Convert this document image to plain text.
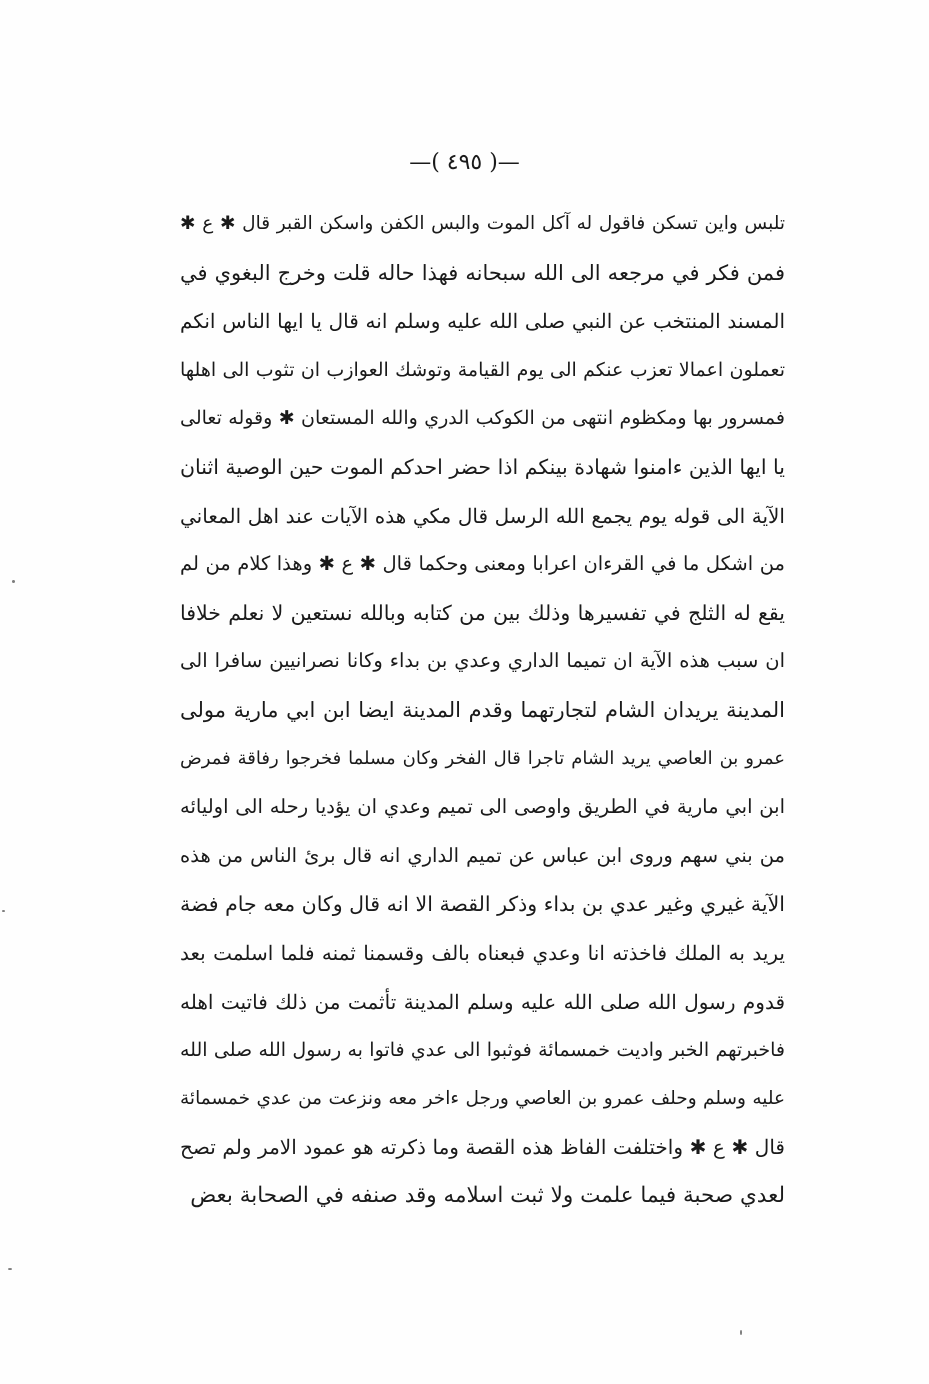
—( ٤٩٥ )—
تلبس واين تسكن فاقول له آكل الموت والبس الكفن واسكن القبر قال ✱ ع ✱
فمن فكر في مرجعه الى الله سبحانه فهذا حاله قلت وخرج البغوي في
المسند المنتخب عن النبي صلى الله عليه وسلم انه قال يا ايها الناس انكم
تعملون اعمالا تعزب عنكم الى يوم القيامة وتوشك العوازب ان تثوب الى اهلها
فمسرور بها ومكظوم انتهى من الكوكب الدري والله المستعان ✱ وقوله تعالى
يا ايها الذين ءامنوا شهادة بينكم اذا حضر احدكم الموت حين الوصية اثنان
الآية الى قوله يوم يجمع الله الرسل قال مكي هذه الآيات عند اهل المعاني
من اشكل ما في القرءان اعرابا ومعنى وحكما قال ✱ ع ✱ وهذا كلام من لم
يقع له الثلج في تفسيرها وذلك بين من كتابه وبالله نستعين لا نعلم خلافا
ان سبب هذه الآية ان تميما الداري وعدي بن بداء وكانا نصرانيين سافرا الى
المدينة يريدان الشام لتجارتهما وقدم المدينة ايضا ابن ابي مارية مولى
عمرو بن العاصي يريد الشام تاجرا قال الفخر وكان مسلما فخرجوا رفاقة فمرض
ابن ابي مارية في الطريق واوصى الى تميم وعدي ان يؤديا رحله الى اوليائه
من بني سهم وروى ابن عباس عن تميم الداري انه قال برئ الناس من هذه
الآية غيري وغير عدي بن بداء وذكر القصة الا انه قال وكان معه جام فضة
يريد به الملك فاخذته انا وعدي فبعناه بالف وقسمنا ثمنه فلما اسلمت بعد
قدوم رسول الله صلى الله عليه وسلم المدينة تأثمت من ذلك فاتيت اهله
فاخبرتهم الخبر واديت خمسمائة فوثبوا الى عدي فاتوا به رسول الله صلى الله
عليه وسلم وحلف عمرو بن العاصي ورجل ءاخر معه ونزعت من عدي خمسمائة
قال ✱ ع ✱ واختلفت الفاظ هذه القصة وما ذكرته هو عمود الامر ولم تصح
لعدي صحبة فيما علمت ولا ثبت اسلامه وقد صنفه في الصحابة بعض
